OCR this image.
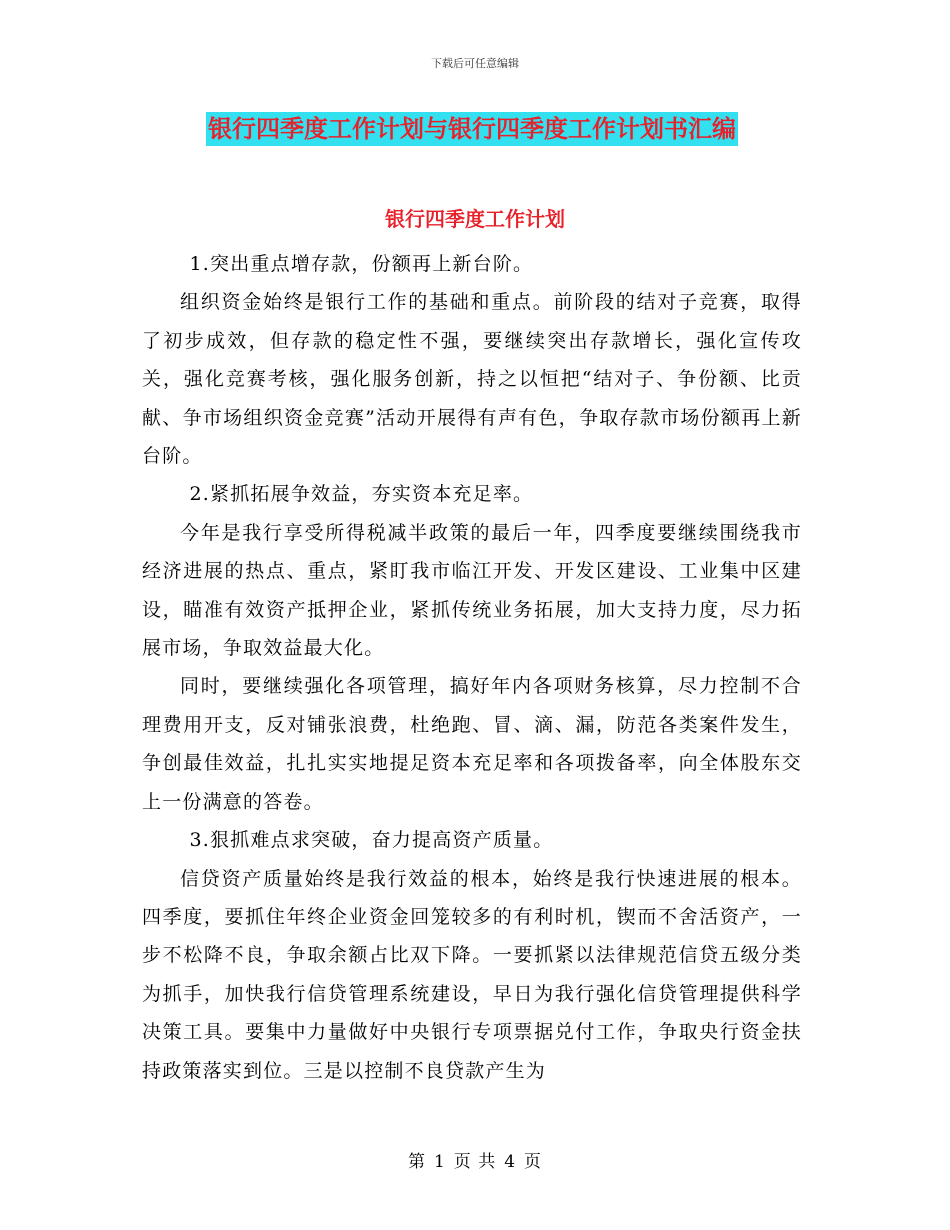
下载后可任意编辑
银行四季度工作计划与银行四季度工作计划书汇编
银行四季度工作计划

1.突出重点增存款，份额再上新台阶。

组织资金始终是银行工作的基础和重点。前阶段的结对子竞赛，取得了初步成效，但存款的稳定性不强，要继续突出存款增长，强化宣传攻关，强化竞赛考核，强化服务创新，持之以恒把“结对子、争份额、比贡献、争市场组织资金竞赛”活动开展得有声有色，争取存款市场份额再上新台阶。

2.紧抓拓展争效益，夯实资本充足率。

今年是我行享受所得税减半政策的最后一年，四季度要继续围绕我市经济进展的热点、重点，紧盯我市临江开发、开发区建设、工业集中区建设，瞄准有效资产抵押企业，紧抓传统业务拓展，加大支持力度，尽力拓展市场，争取效益最大化。

同时，要继续强化各项管理，搞好年内各项财务核算，尽力控制不合理费用开支，反对铺张浪费，杜绝跑、冒、滴、漏，防范各类案件发生，争创最佳效益，扎扎实实地提足资本充足率和各项拨备率，向全体股东交上一份满意的答卷。

3.狠抓难点求突破，奋力提高资产质量。

信贷资产质量始终是我行效益的根本，始终是我行快速进展的根本。四季度，要抓住年终企业资金回笼较多的有利时机，锲而不舍活资产，一步不松降不良，争取余额占比双下降。一要抓紧以法律规范信贷五级分类为抓手，加快我行信贷管理系统建设，早日为我行强化信贷管理提供科学决策工具。要集中力量做好中央银行专项票据兑付工作，争取央行资金扶持政策落实到位。三是以控制不良贷款产生为

第 1 页 共 4 页
